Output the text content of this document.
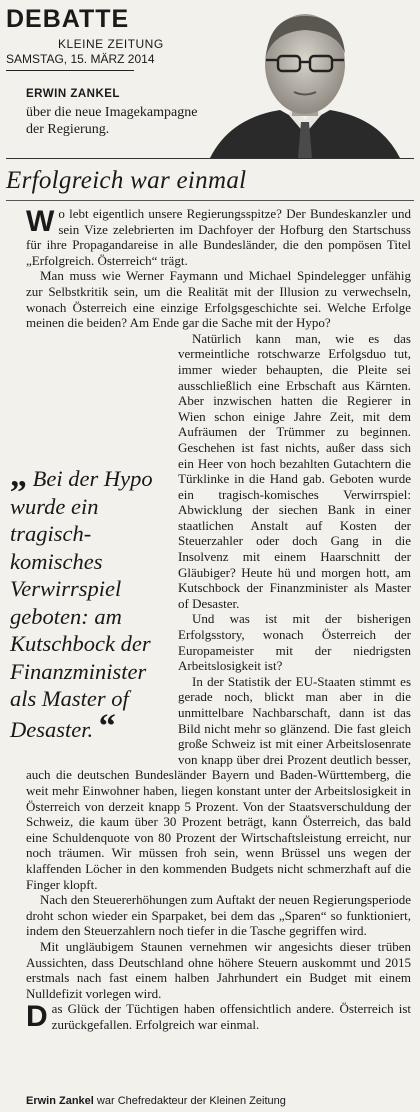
DEBATTE
KLEINE ZEITUNG
SAMSTAG, 15. MÄRZ 2014
ERWIN ZANKEL
über die neue Imagekampagne der Regierung.
Erfolgreich war einmal
„ Bei der Hypo wurde ein tragisch-komisches Verwirrspiel geboten: am Kutschbock der Finanzminister als Master of Desaster. “

Wo lebt eigentlich unsere Regierungsspitze? Der Bundeskanzler und sein Vize zelebrierten im Dachfoyer der Hofburg den Startschuss für ihre Propagandareise in alle Bundesländer, die den pompösen Titel „Erfolgreich. Österreich“ trägt.

Man muss wie Werner Faymann und Michael Spindelegger unfähig zur Selbstkritik sein, um die Realität mit der Illusion zu verwechseln, wonach Österreich eine einzige Erfolgsgeschichte sei. Welche Erfolge meinen die beiden? Am Ende gar die Sache mit der Hypo?

Natürlich kann man, wie es das vermeintliche rotschwarze Erfolgsduo tut, immer wieder behaupten, die Pleite sei ausschließlich eine Erbschaft aus Kärnten. Aber inzwischen hatten die Regierer in Wien schon einige Jahre Zeit, mit dem Aufräumen der Trümmer zu beginnen. Geschehen ist fast nichts, außer dass sich ein Heer von hoch bezahlten Gutachtern die Türklinke in die Hand gab. Geboten wurde ein tragisch-komisches Verwirrspiel: Abwicklung der siechen Bank in einer staatlichen Anstalt auf Kosten der Steuerzahler oder doch Gang in die Insolvenz mit einem Haarschnitt der Gläubiger? Heute hü und morgen hott, am Kutschbock der Finanzminister als Master of Desaster.

Und was ist mit der bisherigen Erfolgsstory, wonach Österreich der Europameister mit der niedrigsten Arbeitslosigkeit ist?

In der Statistik der EU-Staaten stimmt es gerade noch, blickt man aber in die unmittelbare Nachbarschaft, dann ist das Bild nicht mehr so glänzend. Die fast gleich große Schweiz ist mit einer Arbeitslosenrate von knapp über drei Prozent deutlich besser, auch die deutschen Bundesländer Bayern und Baden-Württemberg, die weit mehr Einwohner haben, liegen konstant unter der Arbeitslosigkeit in Österreich von derzeit knapp 5 Prozent. Von der Staatsverschuldung der Schweiz, die kaum über 30 Prozent beträgt, kann Österreich, das bald eine Schuldenquote von 80 Prozent der Wirtschaftsleistung erreicht, nur noch träumen. Wir müssen froh sein, wenn Brüssel uns wegen der klaffenden Löcher in den kommenden Budgets nicht schmerzhaft auf die Finger klopft.

Nach den Steuererhöhungen zum Auftakt der neuen Regierungsperiode droht schon wieder ein Sparpaket, bei dem das „Sparen“ so funktioniert, indem den Steuerzahlern noch tiefer in die Tasche gegriffen wird.

Mit ungläubigem Staunen vernehmen wir angesichts dieser trüben Aussichten, dass Deutschland ohne höhere Steuern auskommt und 2015 erstmals nach fast einem halben Jahrhundert ein Budget mit einem Nulldefizit vorlegen wird.

Das Glück der Tüchtigen haben offensichtlich andere. Österreich ist zurückgefallen. Erfolgreich war einmal.

Erwin Zankel war Chefredakteur der Kleinen Zeitung
